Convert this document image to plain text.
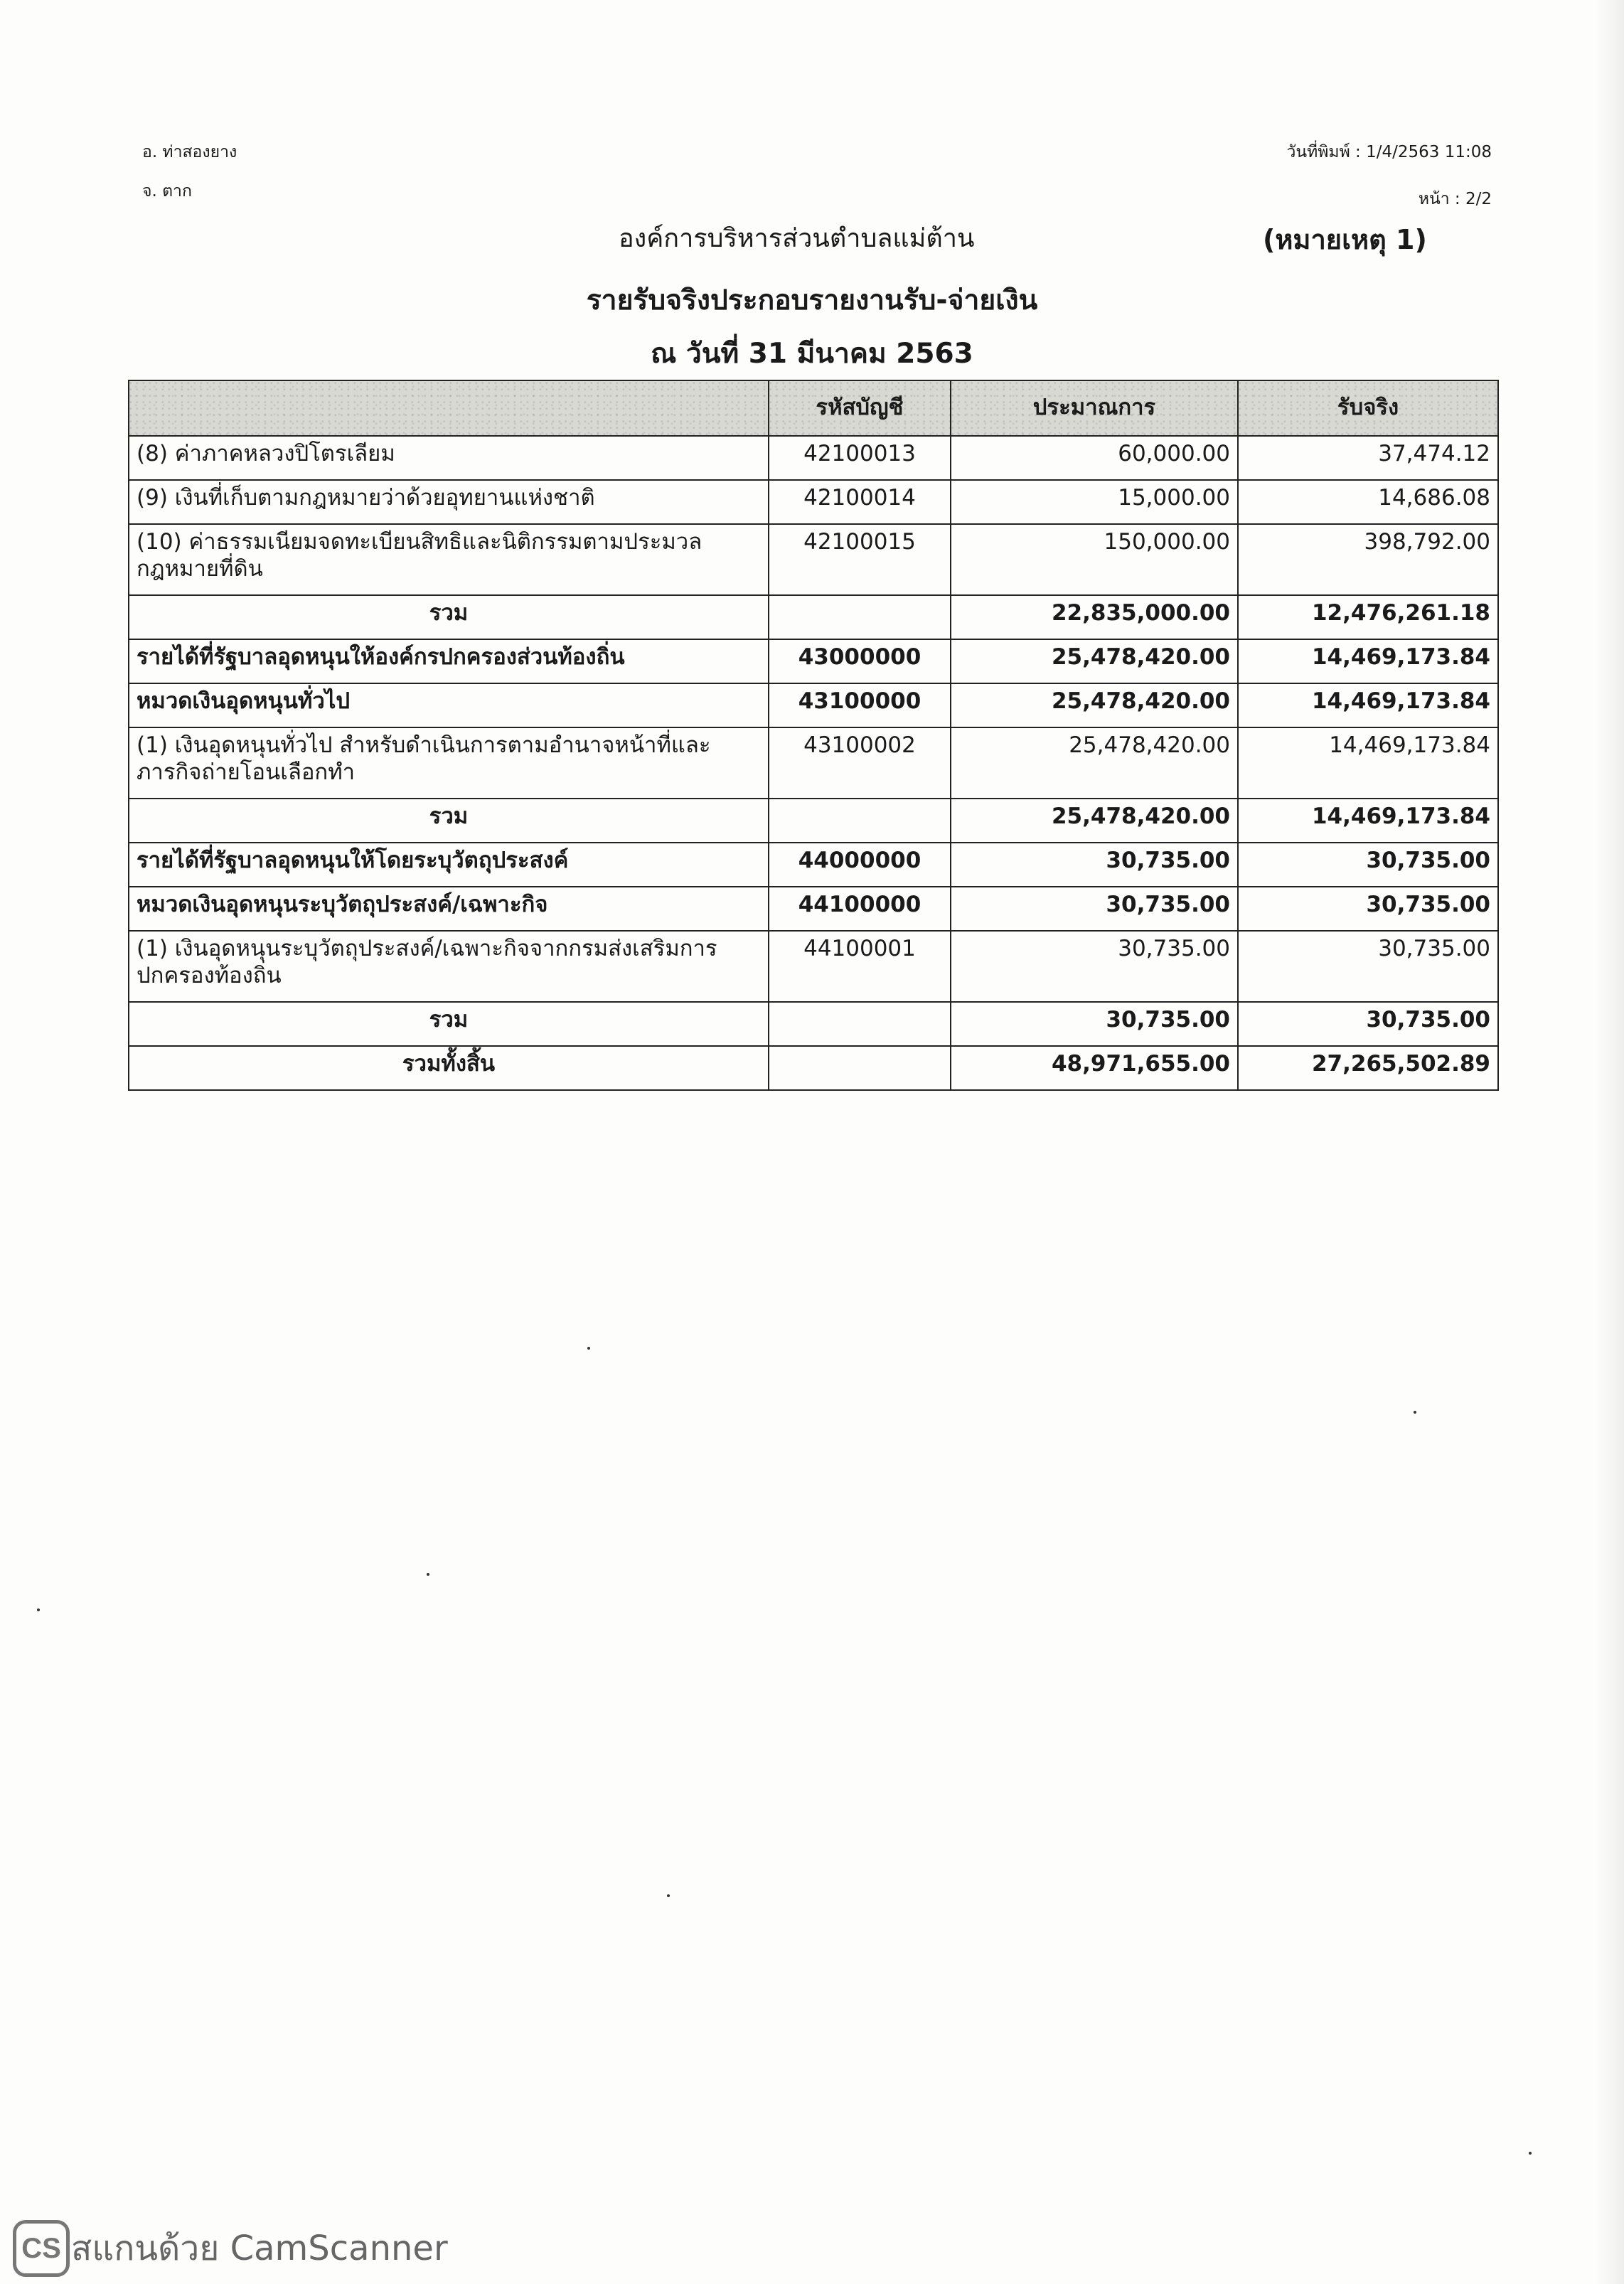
อ. ท่าสองยาง
จ. ตาก
วันที่พิมพ์ : 1/4/2563 11:08
หน้า : 2/2
องค์การบริหารส่วนตำบลแม่ต้าน	(หมายเหตุ 1)
รายรับจริงประกอบรายงานรับ-จ่ายเงิน
ณ วันที่ 31 มีนาคม 2563
	รหัสบัญชี	ประมาณการ	รับจริง
(8) ค่าภาคหลวงปิโตรเลียม	42100013	60,000.00	37,474.12
(9) เงินที่เก็บตามกฎหมายว่าด้วยอุทยานแห่งชาติ	42100014	15,000.00	14,686.08
(10) ค่าธรรมเนียมจดทะเบียนสิทธิและนิติกรรมตามประมวลกฎหมายที่ดิน	42100015	150,000.00	398,792.00
รวม		22,835,000.00	12,476,261.18
รายได้ที่รัฐบาลอุดหนุนให้องค์กรปกครองส่วนท้องถิ่น	43000000	25,478,420.00	14,469,173.84
หมวดเงินอุดหนุนทั่วไป	43100000	25,478,420.00	14,469,173.84
(1) เงินอุดหนุนทั่วไป สำหรับดำเนินการตามอำนาจหน้าที่และภารกิจถ่ายโอนเลือกทำ	43100002	25,478,420.00	14,469,173.84
รวม		25,478,420.00	14,469,173.84
รายได้ที่รัฐบาลอุดหนุนให้โดยระบุวัตถุประสงค์	44000000	30,735.00	30,735.00
หมวดเงินอุดหนุนระบุวัตถุประสงค์/เฉพาะกิจ	44100000	30,735.00	30,735.00
(1) เงินอุดหนุนระบุวัตถุประสงค์/เฉพาะกิจจากกรมส่งเสริมการปกครองท้องถิ่น	44100001	30,735.00	30,735.00
รวม		30,735.00	30,735.00
รวมทั้งสิ้น		48,971,655.00	27,265,502.89
CS สแกนด้วย CamScanner
